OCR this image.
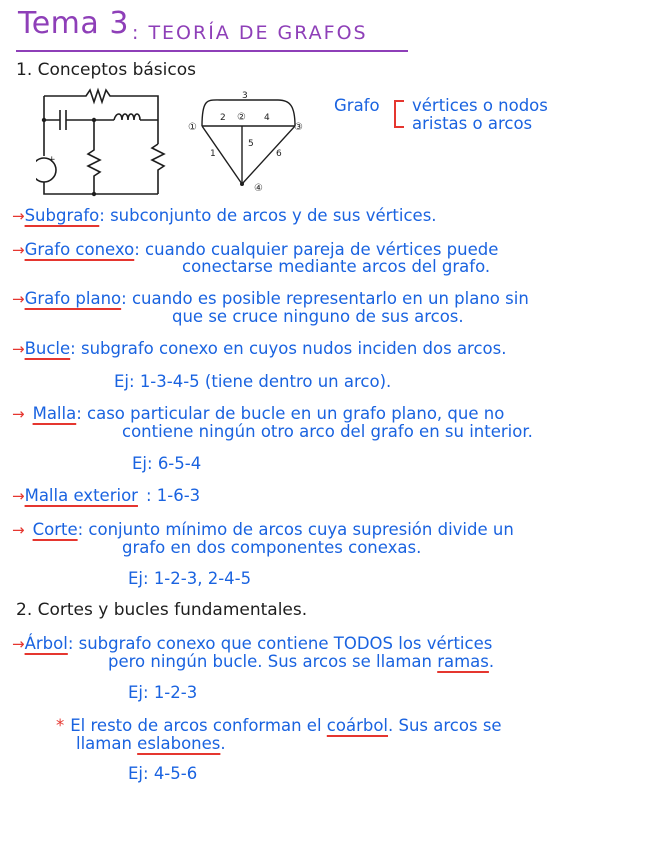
Tema 3 : TEORÍA DE GRAFOS
1. Conceptos básicos
+
①
②
③
④
3
2	4
5
1	6
Grafo vértices o nodos
aristas o arcos
→Subgrafo: subconjunto de arcos y de sus vértices.
→Grafo conexo: cuando cualquier pareja de vértices puede
conectarse mediante arcos del grafo.
→Grafo plano: cuando es posible representarlo en un plano sin
que se cruce ninguno de sus arcos.
→Bucle: subgrafo conexo en cuyos nudos inciden dos arcos.
Ej: 1-3-4-5 (tiene dentro un arco).
→ Malla: caso particular de bucle en un grafo plano, que no
contiene ningún otro arco del grafo en su interior.
Ej: 6-5-4
→Malla exterior : 1-6-3
→ Corte: conjunto mínimo de arcos cuya supresión divide un
grafo en dos componentes conexas.
Ej: 1-2-3, 2-4-5
2. Cortes y bucles fundamentales.
→Árbol: subgrafo conexo que contiene TODOS los vértices
pero ningún bucle. Sus arcos se llaman ramas.
Ej: 1-2-3
* El resto de arcos conforman el coárbol. Sus arcos se
llaman eslabones.
Ej: 4-5-6
